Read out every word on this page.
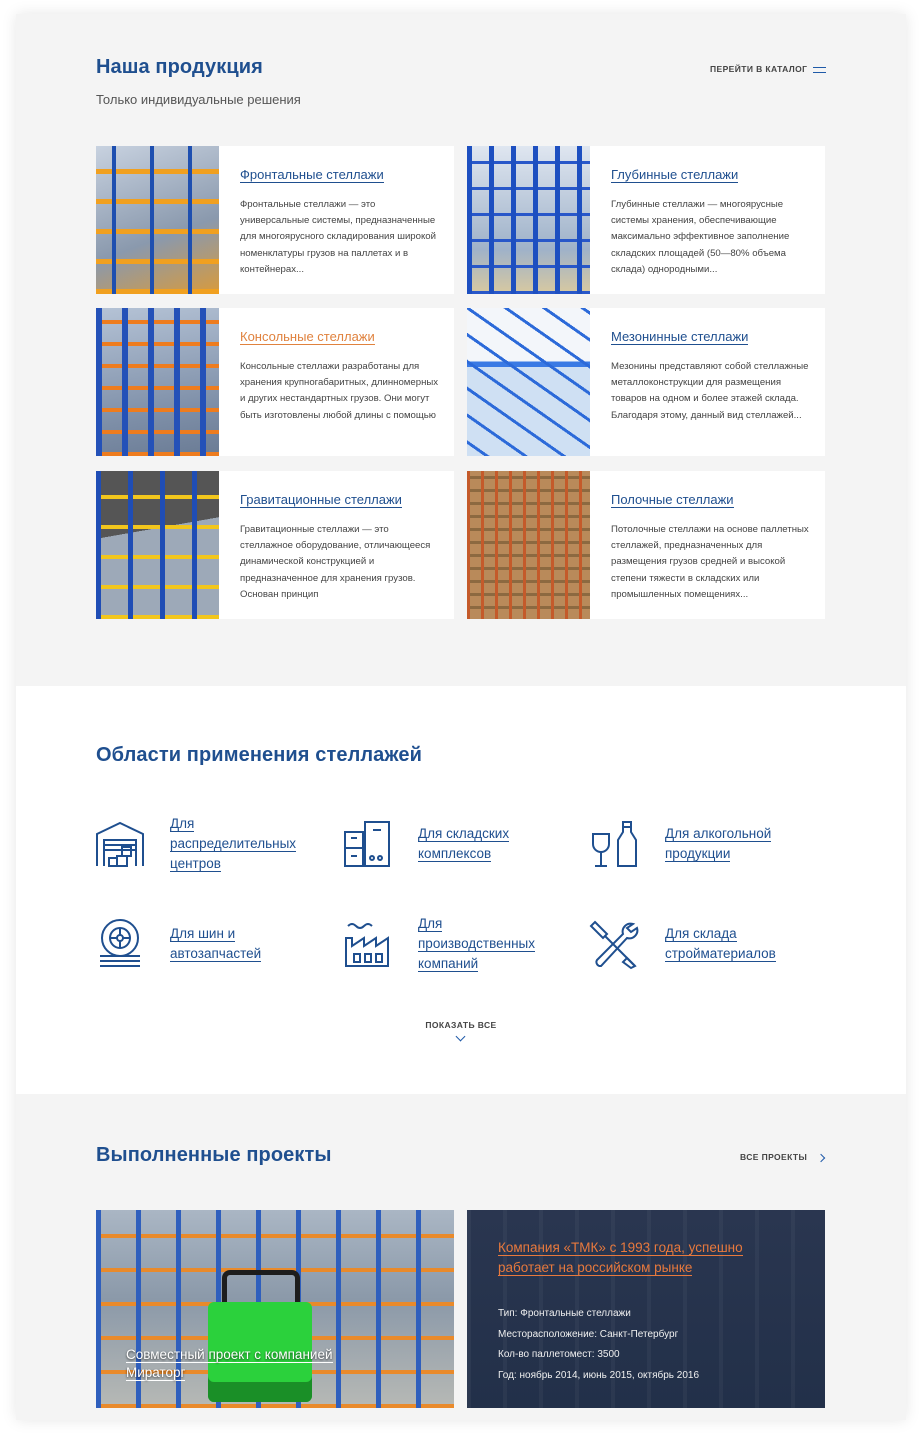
Наша продукция
Только индивидуальные решения
ПЕРЕЙТИ В КАТАЛОГ
Фронтальные стеллажи

Фронтальные стеллажи — это универсальные системы, предназначенные для многоярусного складирования широкой номенклатуры грузов на паллетах и в контейнерах...

Глубинные стеллажи

Глубинные стеллажи — многоярусные системы хранения, обеспечивающие максимально эффективное заполнение складских площадей (50—80% объема склада) однородными...

Консольные стеллажи

Консольные стеллажи разработаны для хранения крупногабаритных, длинномерных и других нестандартных грузов. Они могут быть изготовлены любой длины с помощью

Мезонинные стеллажи

Мезонины представляют собой стеллажные металлоконструкции для размещения товаров на одном и более этажей склада. Благодаря этому, данный вид стеллажей...

Гравитационные стеллажи

Гравитационные стеллажи — это стеллажное оборудование, отличающееся динамической конструкцией и предназначенное для хранения грузов. Основан принцип

Полочные стеллажи

Потолочные стеллажи на основе паллетных стеллажей, предназначенных для размещения грузов средней и высокой степени тяжести в складских или промышленных помещениях...

Области применения стеллажей
Для
распределительных
центров
Для складских
комплексов
Для алкогольной
продукции
Для шин и
автозапчастей
Для
производственных
компаний
Для склада
стройматериалов
ПОКАЗАТЬ ВСЕ
Выполненные проекты	ВСЕ ПРОЕКТЫ
Совместный проект с компанией
Мираторг
Компания «ТМК» с 1993 года, успешно
работает на российском рынке
Тип: Фронтальные стеллажи
Месторасположение: Санкт-Петербург
Кол-во паллетомест: 3500
Год: ноябрь 2014, июнь 2015, октябрь 2016
